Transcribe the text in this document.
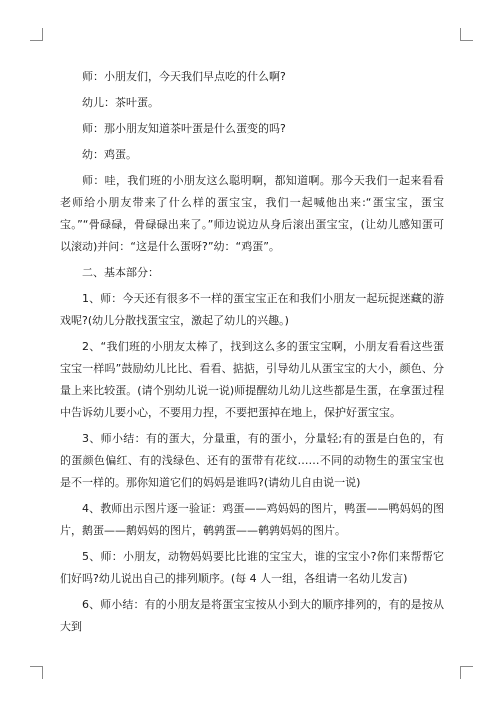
师：小朋友们，今天我们早点吃的什么啊?

幼儿：茶叶蛋。

师：那小朋友知道茶叶蛋是什么蛋变的吗?

幼：鸡蛋。

师：哇，我们班的小朋友这么聪明啊，都知道啊。那今天我们一起来看看老师给小朋友带来了什么样的蛋宝宝，我们一起喊他出来:“蛋宝宝，蛋宝宝。”“骨碌碌，骨碌碌出来了。”师边说边从身后滚出蛋宝宝，(让幼儿感知蛋可以滚动)并问：“这是什么蛋呀?”幼：“鸡蛋”。

二、基本部分：

1、师：今天还有很多不一样的蛋宝宝正在和我们小朋友一起玩捉迷藏的游戏呢?(幼儿分散找蛋宝宝，激起了幼儿的兴趣。)

2、“我们班的小朋友太棒了，找到这么多的蛋宝宝啊，小朋友看看这些蛋宝宝一样吗”鼓励幼儿比比、看看、掂掂，引导幼儿从蛋宝宝的大小，颜色、分量上来比较蛋。(请个别幼儿说一说)师提醒幼儿幼儿这些都是生蛋，在拿蛋过程中告诉幼儿要小心，不要用力捏，不要把蛋掉在地上，保护好蛋宝宝。

3、师小结：有的蛋大，分量重，有的蛋小，分量轻;有的蛋是白色的，有的蛋颜色偏红、有的浅绿色、还有的蛋带有花纹……不同的动物生的蛋宝宝也是不一样的。那你知道它们的妈妈是谁吗?(请幼儿自由说一说)

4、教师出示图片逐一验证：鸡蛋——鸡妈妈的图片，鸭蛋——鸭妈妈的图片，鹅蛋——鹅妈妈的图片，鹌鹑蛋——鹌鹑妈妈的图片。

5、师：小朋友，动物妈妈要比比谁的宝宝大，谁的宝宝小?你们来帮帮它们好吗?幼儿说出自己的排列顺序。(每 4 人一组，各组请一名幼儿发言)

6、师小结：有的小朋友是将蛋宝宝按从小到大的顺序排列的，有的是按从大到
